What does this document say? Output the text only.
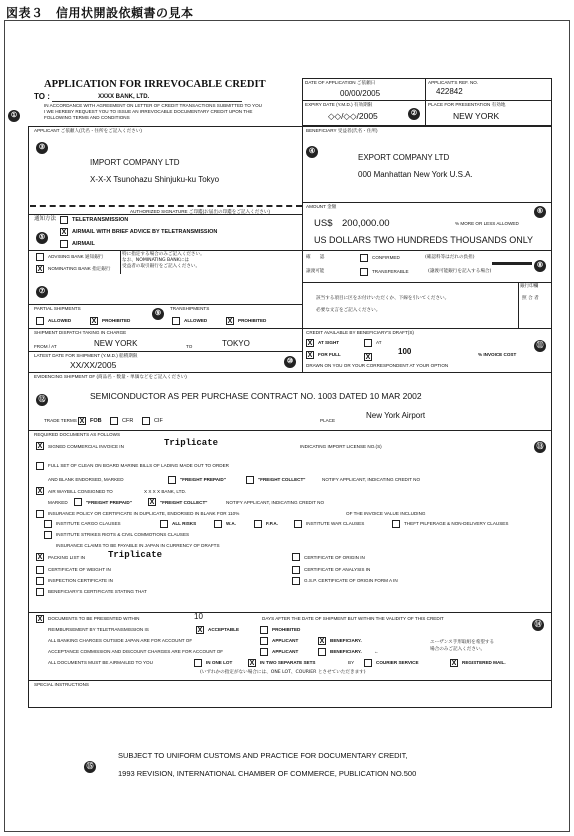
図表３　信用状開設依頼書の見本
APPLICATION FOR IRREVOCABLE CREDIT
TO :	XXXX BANK, LTD.
IN ACCORDANCE WITH AGREEMENT ON LETTER OF CREDIT TRANSACTIONS SUBMITTED TO YOU
I WE HEREBY REQUEST YOU TO ISSUE AN IRREVOCABLE DOCUMENTARY CREDIT UPON THE
FOLLOWING TERMS AND CONDITIONS
DATE OF APPLICATION ご依頼日
00/00/2005
APPLICANT'S REF. NO.
422842
EXPIRY DATE (Y.M.D.) 有効期限
◇◇/◇◇/2005
PLACE FOR PRESENTATION 有効地
NEW YORK
②
①
APPLICANT ご依頼人(氏名・住所をご記入ください)
③
IMPORT COMPANY LTD
X-X-X Tsunohazu Shinjuku-ku Tokyo
AUTHORIZED SIGNATURE ご印鑑(お届出の印鑑をご記入ください)
BENEFICIARY 受益者(氏名・住所)
④
EXPORT COMPANY LTD
000 Manhattan New York U.S.A.
通知方法	TELETRANSMISSION
X	AIRMAIL WITH BRIEF ADVICE BY TELETRANSMISSION
AIRMAIL
⑤
ADVISING BANK 通知銀行
X	NOMINATING BANK 指定銀行
特に指定する場合のみご記入ください。
なお、NOMINATING BANKには
受益者の取引銀行をご記入ください。
⑦
AMOUNT 金額
US$ 200,000.00	% MORE OR LESS ALLOWED
⑥
US DOLLARS TWO HUNDREDS THOUSANDS ONLY
確　　認	CONFIRMED	(確認料等はだれの負担)
譲渡可能	TRANSFERABLE	(譲渡可能銀行を記入する場合)
⑧
該当する項目に区をお付けいただくか、下線を引いてください。
必要な文言をご記入ください。
銀行印欄
照 合 者
PARTIAL SHIPMENTS
ALLOWED	X	PROHIBITED
⑨
TRANSHIPMENTS
ALLOWED	X	PROHIBITED
SHIPMENT DISPATCH TAKING IN CHARGE
FROM / AT	NEW YORK	TO	TOKYO
LATEST DATE FOR SHIPMENT (Y.M.D.) 船積期限
XX/XX/2005	⑩
CREDIT AVAILABLE BY BENEFICIARY'S DRAFT(S)
X	AT SIGHT	AT
X	FOR FULL	X
100	% INVOICE COST
⑪
DRAWN ON YOU OR YOUR CORRESPONDENT AT YOUR OPTION
EVIDENCING SHIPMENT OF (商品名・数量・単価などをご記入ください)
⑫	SEMICONDUCTOR AS PER PURCHASE CONTRACT NO. 1003 DATED 10 MAR 2002
TRADE TERMS X	FOB	CFR	CIF	PLACE
New York Airport
REQUIRED DOCUMENTS AS FOLLOWS
X	SIGNED COMMERCIAL INVOICE IN	Triplicate	INDICATING IMPORT LICENSE NO.(S)	⑬
FULL SET OF CLEAN ON BOARD MARINE BILLS OF LADING MADE OUT TO ORDER
AND BLANK ENDORSED, MARKED	"FREIGHT PREPAID"	"FREIGHT COLLECT"	NOTIFY APPLICANT, INDICATING CREDIT NO
X	AIR WAYBILL CONSIGNED TO	X X X X BANK, LTD.
MARKED	"FREIGHT PREPAID"	X	"FREIGHT COLLECT"	NOTIFY APPLICANT, INDICATING CREDIT NO
INSURANCE POLICY OR CERTIFICATE IN DUPLICATE, ENDORSED IN BLANK FOR 110%	OF THE INVOICE VALUE INCLUDING
INSTITUTE CARGO CLAUSES	ALL RISKS	W.A.	F.P.A.	INSTITUTE WAR CLAUSES	THEFT PILFERAGE & NON-DELIVERY CLAUSES
INSTITUTE STRIKES RIOTS & CIVIL COMMOTIONS CLAUSES
INSURANCE CLAIMS TO BE PAYABLE IN JAPAN IN CURRENCY OF DRAFTS
X	PACKING LIST IN	Triplicate
CERTIFICATE OF WEIGHT IN
INSPECTION CERTIFICATE IN
BENEFICIARY'S CERTIFICATE STATING THAT
CERTIFICATE OF ORIGIN IN
CERTIFICATE OF ANALYSIS IN
G.S.P. CERTIFICATE OF ORIGIN FORM A IN
X	DOCUMENTS TO BE PRESENTED WITHIN	10	DAYS AFTER THE DATE OF SHIPMENT BUT WITHIN THE VALIDITY OF THIS CREDIT
⑭
REIMBURSEMENT BY TELETRANSMISSION IS	X	ACCEPTABLE	PROHIBITED
ALL BANKING CHARGES OUTSIDE JAPAN ARE FOR ACCOUNT OF	APPLICANT	X	BENEFICIARY.
ACCEPTANCE COMMISSION AND DISCOUNT CHARGES ARE FOR ACCOUNT OF	APPLICANT	BENEFICIARY.	←
ユーザンス手形取組を希望する
場合のみご記入ください。
ALL DOCUMENTS MUST BE AIRMAILED TO YOU	IN ONE LOT X	IN TWO SEPARATE SETS	BY	COURIER SERVICE	X	REGISTERED MAIL.
(いずれかの指定がない場合には、ONE LOT、COURIER とさせていただきます)
SPECIAL INSTRUCTIONS
SUBJECT TO UNIFORM CUSTOMS AND PRACTICE FOR DOCUMENTARY CREDIT,
1993 REVISION, INTERNATIONAL CHAMBER OF COMMERCE, PUBLICATION NO.500
⑮
